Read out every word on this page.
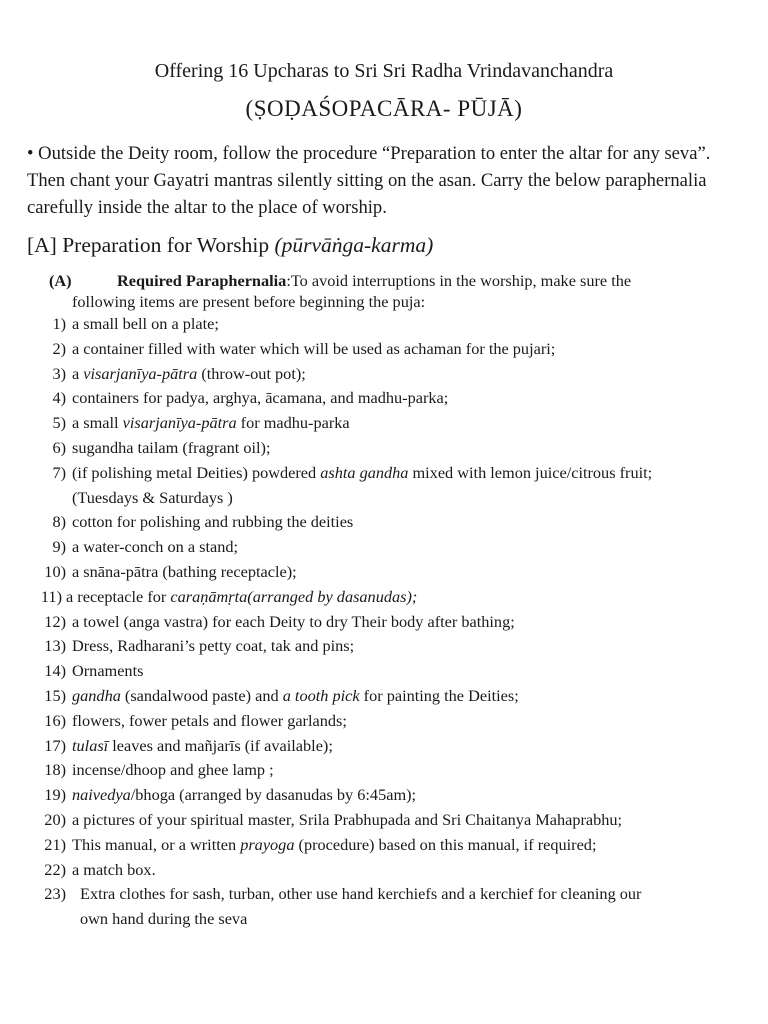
Offering 16 Upcharas to Sri Sri Radha Vrindavanchandra
(ṢOḌAŚOPACĀRA- PŪJĀ)
• Outside the Deity room, follow the procedure “Preparation to enter the altar for any seva”. Then chant your Gayatri mantras silently sitting on the asan. Carry the below paraphernalia carefully inside the altar to the place of worship.
[A] Preparation for Worship (pūrvāṅga-karma)
(A)	Required Paraphernalia:To avoid interruptions in the worship, make sure the
following items are present before beginning the puja:
1) a small bell on a plate;
2) a container filled with water which will be used as achaman for the pujari;
3) a visarjanīya-pātra (throw-out pot);
4) containers for padya, arghya, ācamana, and madhu-parka;
5) a small visarjanīya-pātra for madhu-parka
6) sugandha tailam (fragrant oil);
7) (if polishing metal Deities) powdered ashta gandha mixed with lemon juice/citrous fruit;
(Tuesdays & Saturdays )
8) cotton for polishing and rubbing the deities
9) a water-conch on a stand;
10) a snāna-pātra (bathing receptacle);
11) a receptacle for caraṇāmṛta(arranged by dasanudas);
12) a towel (anga vastra) for each Deity to dry Their body after bathing;
13) Dress, Radharani’s petty coat, tak and pins;
14) Ornaments
15) gandha (sandalwood paste) and a tooth pick for painting the Deities;
16) flowers, fower petals and flower garlands;
17) tulasī leaves and mañjarīs (if available);
18) incense/dhoop and ghee lamp ;
19) naivedya/bhoga (arranged by dasanudas by 6:45am);
20) a pictures of your spiritual master, Srila Prabhupada and Sri Chaitanya Mahaprabhu;
21) This manual, or a written prayoga (procedure) based on this manual, if required;
22) a match box.
23) Extra clothes for sash, turban, other use hand kerchiefs and a kerchief for cleaning our
own hand during the seva
